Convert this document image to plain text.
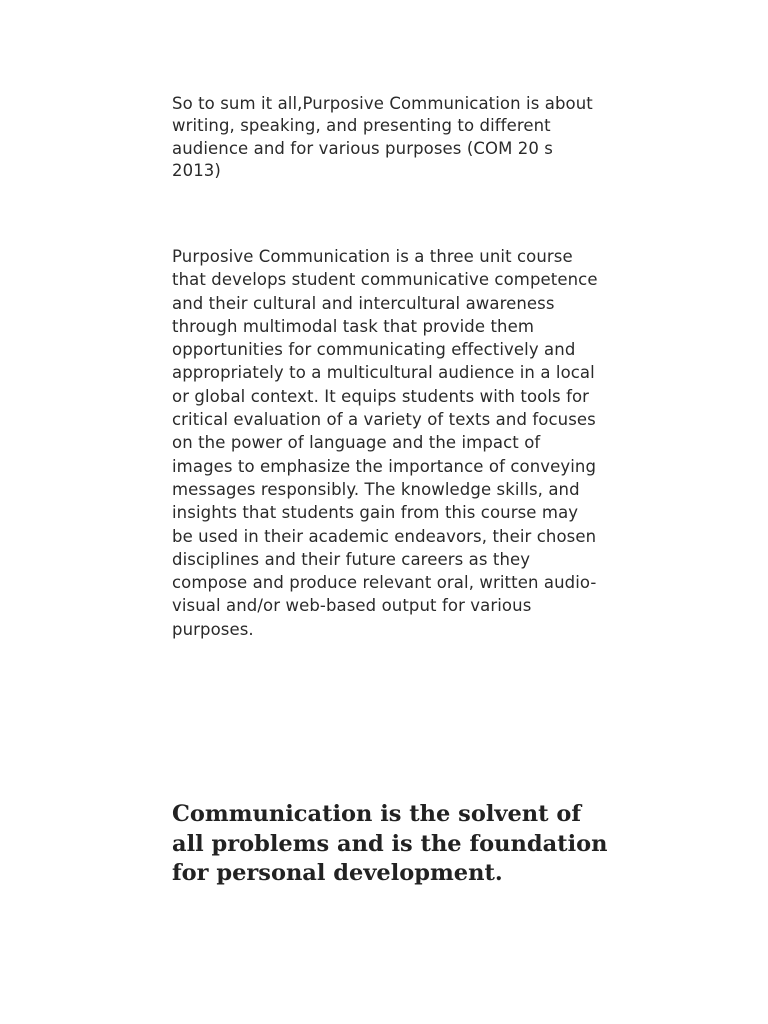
So to sum it all,Purposive Communication is about writing, speaking, and presenting to different audience and for various purposes (COM 20 s 2013)

Purposive Communication is a three unit course that develops student communicative competence and their cultural and intercultural awareness through multimodal task that provide them opportunities for communicating effectively and appropriately to a multicultural audience in a local or global context. It equips students with tools for critical evaluation of a variety of texts and focuses on the power of language and the impact of images to emphasize the importance of conveying messages responsibly. The knowledge skills, and insights that students gain from this course may be used in their academic endeavors, their chosen disciplines and their future careers as they compose and produce relevant oral, written audio-visual and/or web-based output for various purposes.

Communication is the solvent of all problems and is the foundation for personal development.
